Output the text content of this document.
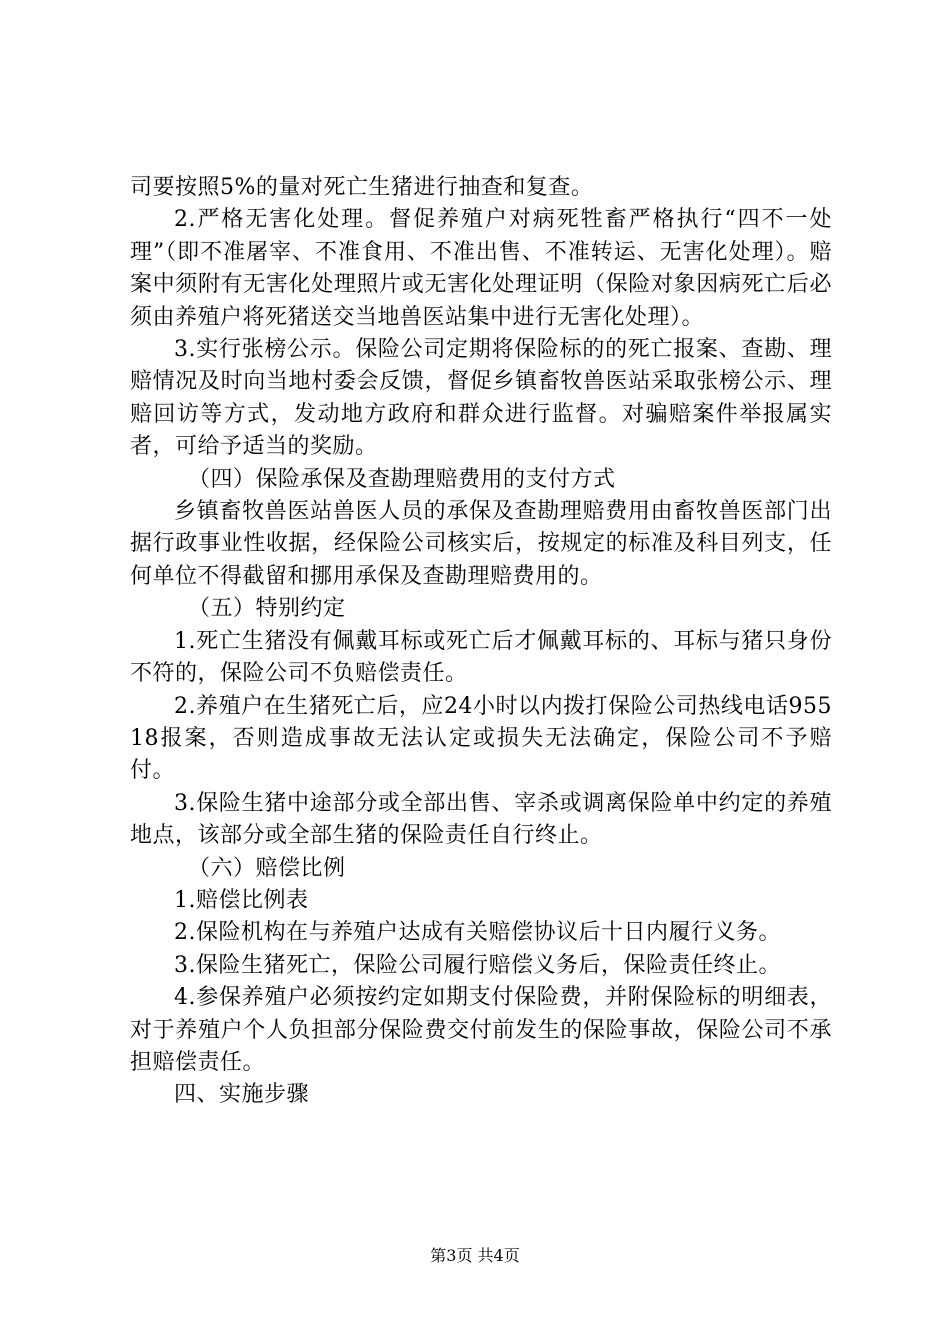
司要按照5%的量对死亡生猪进行抽查和复查。

2.严格无害化处理。督促养殖户对病死牲畜严格执行“四不一处理”（即不准屠宰、不准食用、不准出售、不准转运、无害化处理）。赔案中须附有无害化处理照片或无害化处理证明（保险对象因病死亡后必须由养殖户将死猪送交当地兽医站集中进行无害化处理）。

3.实行张榜公示。保险公司定期将保险标的的死亡报案、查勘、理赔情况及时向当地村委会反馈，督促乡镇畜牧兽医站采取张榜公示、理赔回访等方式，发动地方政府和群众进行监督。对骗赔案件举报属实者，可给予适当的奖励。

（四）保险承保及查勘理赔费用的支付方式

乡镇畜牧兽医站兽医人员的承保及查勘理赔费用由畜牧兽医部门出据行政事业性收据，经保险公司核实后，按规定的标准及科目列支，任何单位不得截留和挪用承保及查勘理赔费用的。

（五）特别约定

1.死亡生猪没有佩戴耳标或死亡后才佩戴耳标的、耳标与猪只身份不符的，保险公司不负赔偿责任。

2.养殖户在生猪死亡后，应24小时以内拨打保险公司热线电话95518报案，否则造成事故无法认定或损失无法确定，保险公司不予赔付。

3.保险生猪中途部分或全部出售、宰杀或调离保险单中约定的养殖地点，该部分或全部生猪的保险责任自行终止。

（六）赔偿比例

1.赔偿比例表

2.保险机构在与养殖户达成有关赔偿协议后十日内履行义务。

3.保险生猪死亡，保险公司履行赔偿义务后，保险责任终止。

4.参保养殖户必须按约定如期支付保险费，并附保险标的明细表，对于养殖户个人负担部分保险费交付前发生的保险事故，保险公司不承担赔偿责任。

四、实施步骤

第3页 共4页
